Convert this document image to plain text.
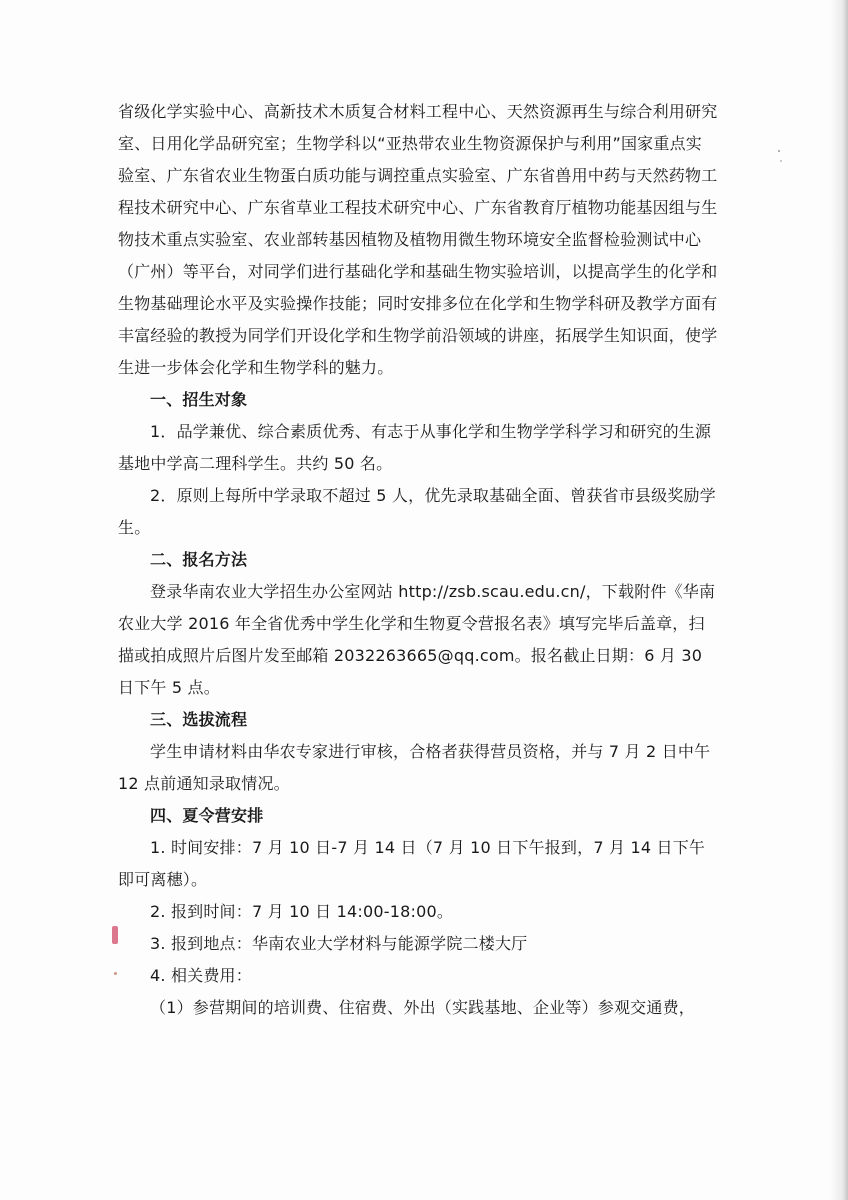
省级化学实验中心、高新技术木质复合材料工程中心、天然资源再生与综合利用研究室、日用化学品研究室；生物学科以“亚热带农业生物资源保护与利用”国家重点实验室、广东省农业生物蛋白质功能与调控重点实验室、广东省兽用中药与天然药物工程技术研究中心、广东省草业工程技术研究中心、广东省教育厅植物功能基因组与生物技术重点实验室、农业部转基因植物及植物用微生物环境安全监督检验测试中心（广州）等平台，对同学们进行基础化学和基础生物实验培训，以提高学生的化学和生物基础理论水平及实验操作技能；同时安排多位在化学和生物学科研及教学方面有丰富经验的教授为同学们开设化学和生物学前沿领域的讲座，拓展学生知识面，使学生进一步体会化学和生物学科的魅力。

一、招生对象

1．品学兼优、综合素质优秀、有志于从事化学和生物学学科学习和研究的生源基地中学高二理科学生。共约 50 名。

2．原则上每所中学录取不超过 5 人，优先录取基础全面、曾获省市县级奖励学生。

二、报名方法

登录华南农业大学招生办公室网站 http://zsb.scau.edu.cn/，下载附件《华南农业大学 2016 年全省优秀中学生化学和生物夏令营报名表》填写完毕后盖章，扫描或拍成照片后图片发至邮箱 2032263665@qq.com。报名截止日期：6 月 30 日下午 5 点。

三、选拔流程

学生申请材料由华农专家进行审核，合格者获得营员资格，并与 7 月 2 日中午 12 点前通知录取情况。

四、夏令营安排

1. 时间安排：7 月 10 日-7 月 14 日（7 月 10 日下午报到，7 月 14 日下午即可离穗）。

2. 报到时间：7 月 10 日 14:00-18:00。

3. 报到地点：华南农业大学材料与能源学院二楼大厅

4. 相关费用：

（1）参营期间的培训费、住宿费、外出（实践基地、企业等）参观交通费，
